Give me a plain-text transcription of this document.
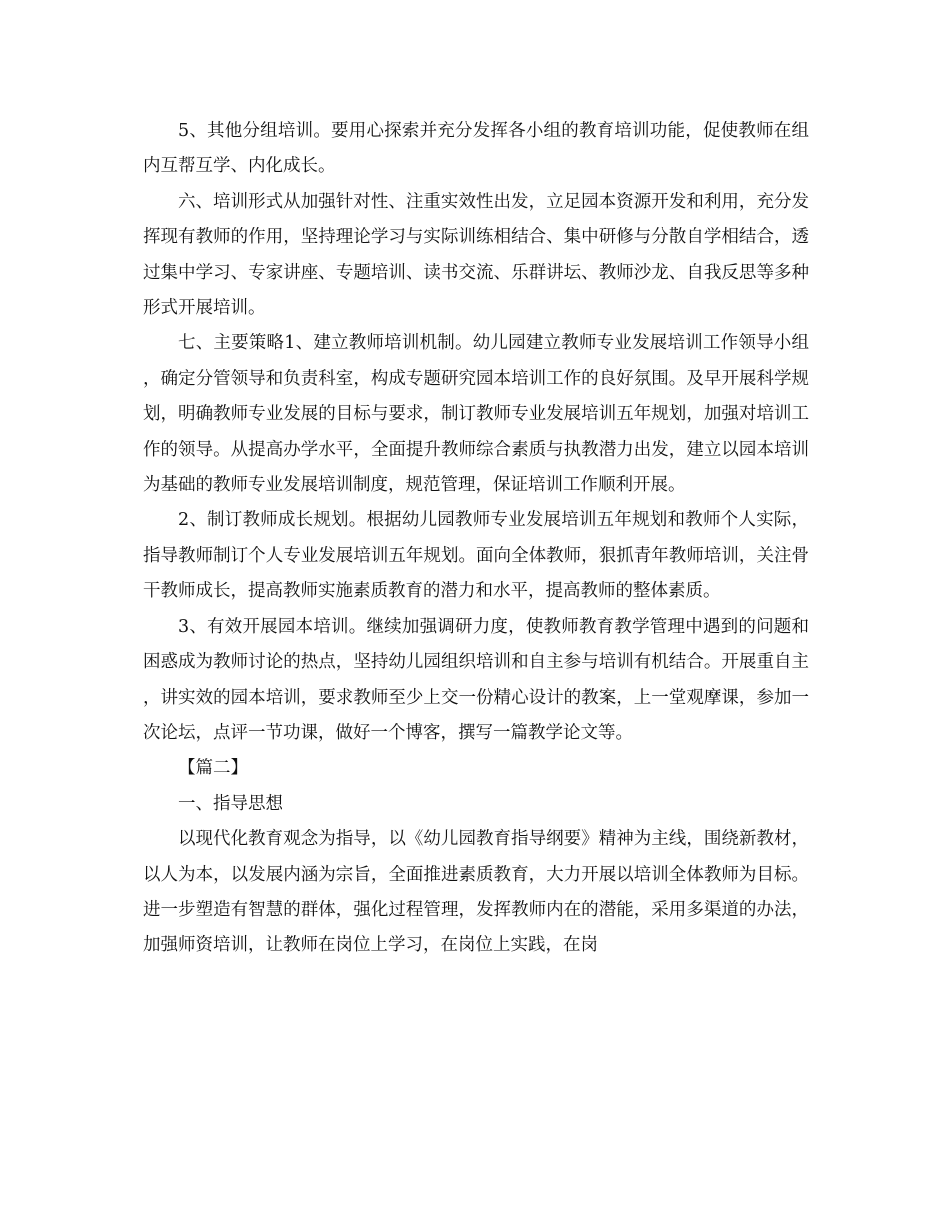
5、其他分组培训。要用心探索并充分发挥各小组的教育培训功能，促使教师在组内互帮互学、内化成长。

六、培训形式从加强针对性、注重实效性出发，立足园本资源开发和利用，充分发挥现有教师的作用，坚持理论学习与实际训练相结合、集中研修与分散自学相结合，透过集中学习、专家讲座、专题培训、读书交流、乐群讲坛、教师沙龙、自我反思等多种形式开展培训。

七、主要策略1、建立教师培训机制。幼儿园建立教师专业发展培训工作领导小组，确定分管领导和负责科室，构成专题研究园本培训工作的良好氛围。及早开展科学规划，明确教师专业发展的目标与要求，制订教师专业发展培训五年规划，加强对培训工作的领导。从提高办学水平，全面提升教师综合素质与执教潜力出发，建立以园本培训为基础的教师专业发展培训制度，规范管理，保证培训工作顺利开展。

2、制订教师成长规划。根据幼儿园教师专业发展培训五年规划和教师个人实际，指导教师制订个人专业发展培训五年规划。面向全体教师，狠抓青年教师培训，关注骨干教师成长，提高教师实施素质教育的潜力和水平，提高教师的整体素质。

3、有效开展园本培训。继续加强调研力度，使教师教育教学管理中遇到的问题和困惑成为教师讨论的热点，坚持幼儿园组织培训和自主参与培训有机结合。开展重自主，讲实效的园本培训，要求教师至少上交一份精心设计的教案，上一堂观摩课，参加一次论坛，点评一节功课，做好一个博客，撰写一篇教学论文等。

【篇二】

一、指导思想

以现代化教育观念为指导，以《幼儿园教育指导纲要》精神为主线，围绕新教材，以人为本，以发展内涵为宗旨，全面推进素质教育，大力开展以培训全体教师为目标。进一步塑造有智慧的群体，强化过程管理，发挥教师内在的潜能，采用多渠道的办法，加强师资培训，让教师在岗位上学习，在岗位上实践，在岗
